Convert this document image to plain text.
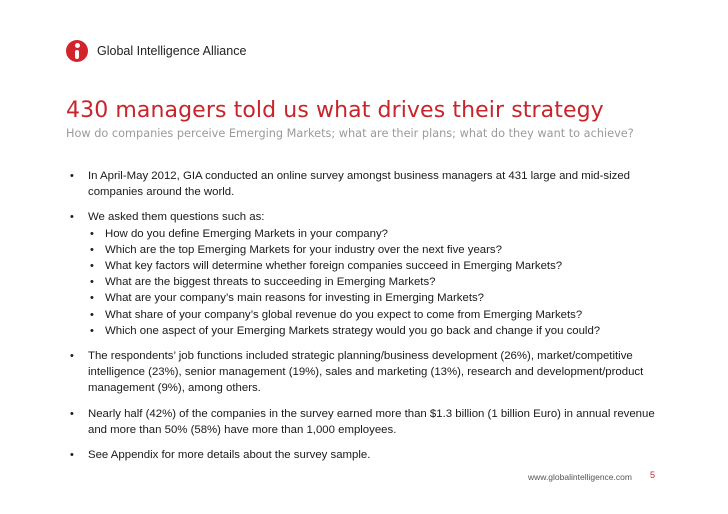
Global Intelligence Alliance
430 managers told us what drives their strategy

How do companies perceive Emerging Markets; what are their plans; what do they want to achieve?

• In April-May 2012, GIA conducted an online survey amongst business managers at 431 large and mid-sized companies around the world.
• We asked them questions such as:
• How do you define Emerging Markets in your company?
• Which are the top Emerging Markets for your industry over the next five years?
• What key factors will determine whether foreign companies succeed in Emerging Markets?
• What are the biggest threats to succeeding in Emerging Markets?
• What are your company’s main reasons for investing in Emerging Markets?
• What share of your company’s global revenue do you expect to come from Emerging Markets?
• Which one aspect of your Emerging Markets strategy would you go back and change if you could?
• The respondents’ job functions included strategic planning/business development (26%), market/competitive intelligence (23%), senior management (19%), sales and marketing (13%), research and development/product management (9%), among others.
• Nearly half (42%) of the companies in the survey earned more than $1.3 billion (1 billion Euro) in annual revenue and more than 50% (58%) have more than 1,000 employees.
• See Appendix for more details about the survey sample.
www.globalintelligence.com 5
